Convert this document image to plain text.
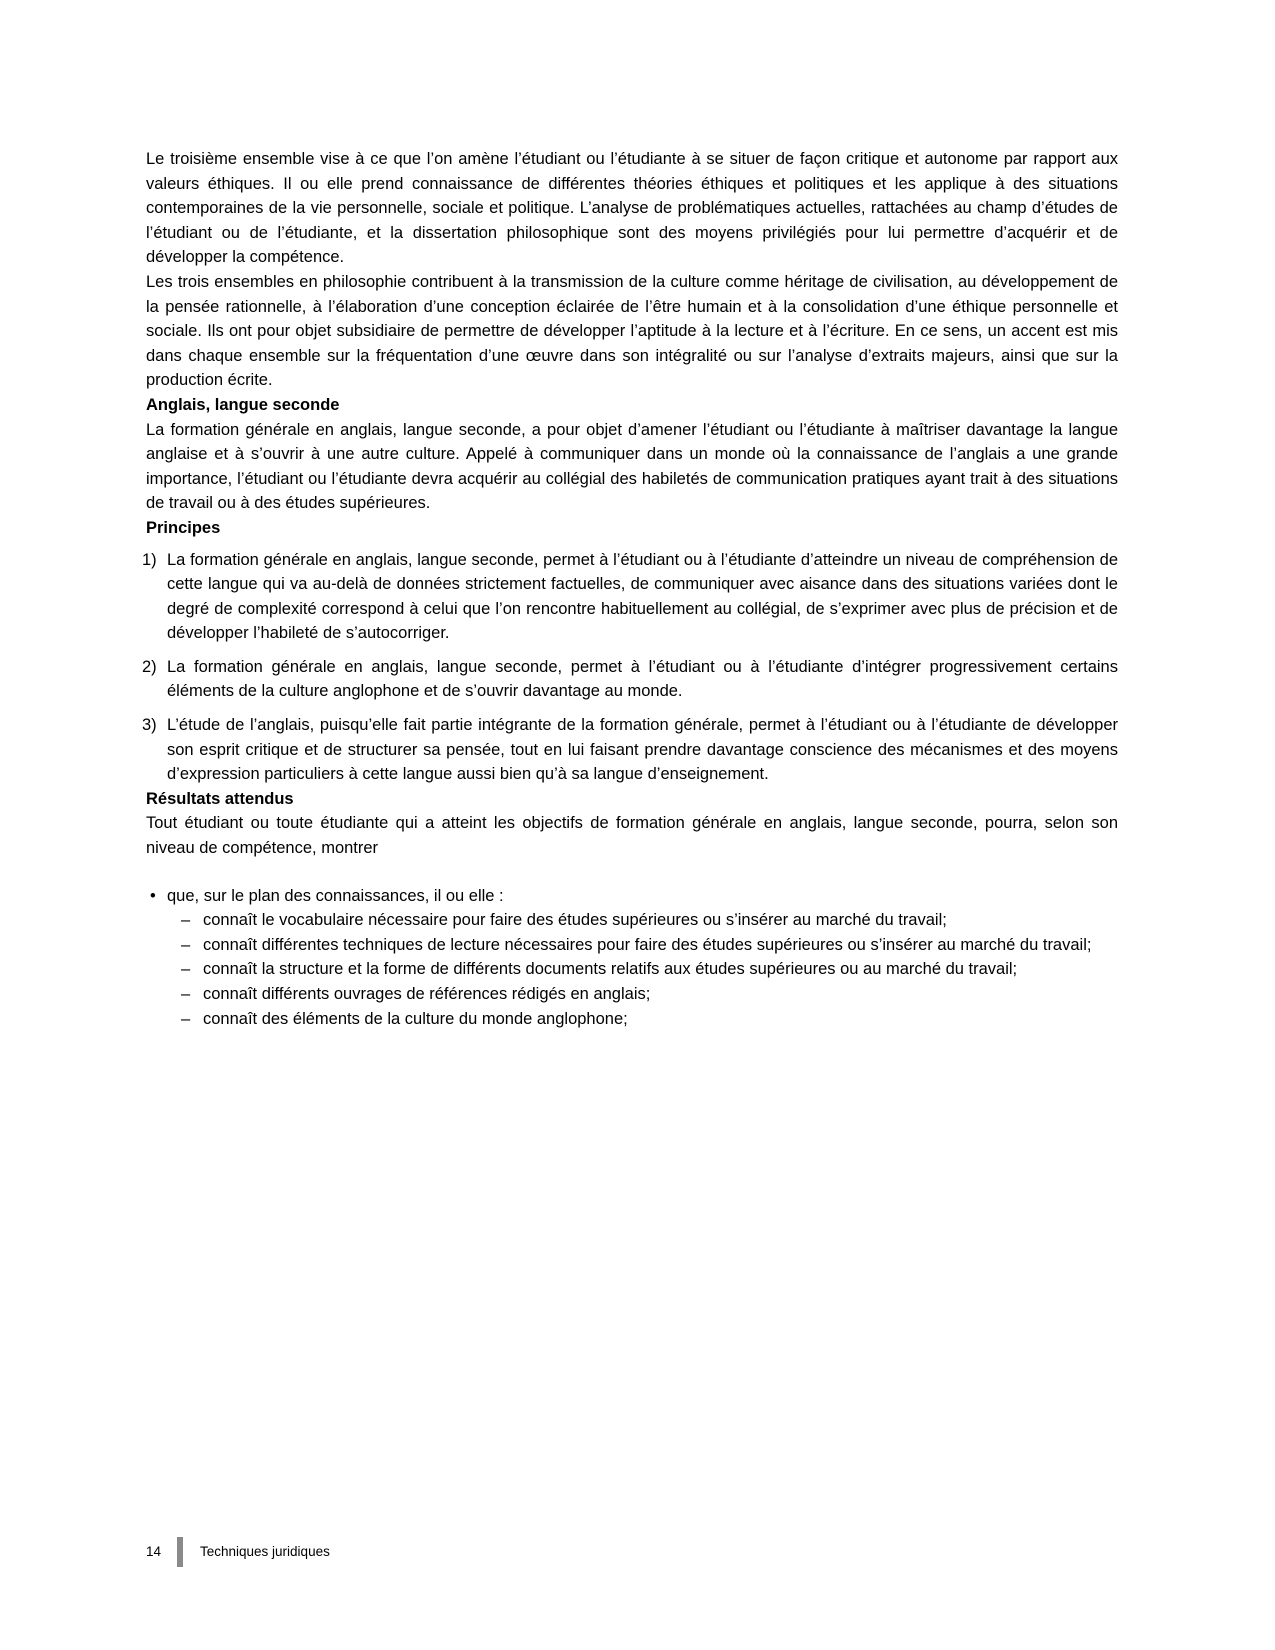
Le troisième ensemble vise à ce que l’on amène l’étudiant ou l’étudiante à se situer de façon critique et autonome par rapport aux valeurs éthiques. Il ou elle prend connaissance de différentes théories éthiques et politiques et les applique à des situations contemporaines de la vie personnelle, sociale et politique. L’analyse de problématiques actuelles, rattachées au champ d’études de l’étudiant ou de l’étudiante, et la dissertation philosophique sont des moyens privilégiés pour lui permettre d’acquérir et de développer la compétence.

Les trois ensembles en philosophie contribuent à la transmission de la culture comme héritage de civilisation, au développement de la pensée rationnelle, à l’élaboration d’une conception éclairée de l’être humain et à la consolidation d’une éthique personnelle et sociale. Ils ont pour objet subsidiaire de permettre de développer l’aptitude à la lecture et à l’écriture. En ce sens, un accent est mis dans chaque ensemble sur la fréquentation d’une œuvre dans son intégralité ou sur l’analyse d’extraits majeurs, ainsi que sur la production écrite.

Anglais, langue seconde

La formation générale en anglais, langue seconde, a pour objet d’amener l’étudiant ou l’étudiante à maîtriser davantage la langue anglaise et à s’ouvrir à une autre culture. Appelé à communiquer dans un monde où la connaissance de l’anglais a une grande importance, l’étudiant ou l’étudiante devra acquérir au collégial des habiletés de communication pratiques ayant trait à des situations de travail ou à des études supérieures.

Principes
1) La formation générale en anglais, langue seconde, permet à l’étudiant ou à l’étudiante d’atteindre un niveau de compréhension de cette langue qui va au-delà de données strictement factuelles, de communiquer avec aisance dans des situations variées dont le degré de complexité correspond à celui que l’on rencontre habituellement au collégial, de s’exprimer avec plus de précision et de développer l’habileté de s’autocorriger.

2) La formation générale en anglais, langue seconde, permet à l’étudiant ou à l’étudiante d’intégrer progressivement certains éléments de la culture anglophone et de s’ouvrir davantage au monde.

3) L’étude de l’anglais, puisqu’elle fait partie intégrante de la formation générale, permet à l’étudiant ou à l’étudiante de développer son esprit critique et de structurer sa pensée, tout en lui faisant prendre davantage conscience des mécanismes et des moyens d’expression particuliers à cette langue aussi bien qu’à sa langue d’enseignement.

Résultats attendus

Tout étudiant ou toute étudiante qui a atteint les objectifs de formation générale en anglais, langue seconde, pourra, selon son niveau de compétence, montrer

• que, sur le plan des connaissances, il ou elle :

– connaît le vocabulaire nécessaire pour faire des études supérieures ou s’insérer au marché du travail;

– connaît différentes techniques de lecture nécessaires pour faire des études supérieures ou s’insérer au marché du travail;

– connaît la structure et la forme de différents documents relatifs aux études supérieures ou au marché du travail;

– connaît différents ouvrages de références rédigés en anglais;

– connaît des éléments de la culture du monde anglophone;

14	Techniques juridiques
